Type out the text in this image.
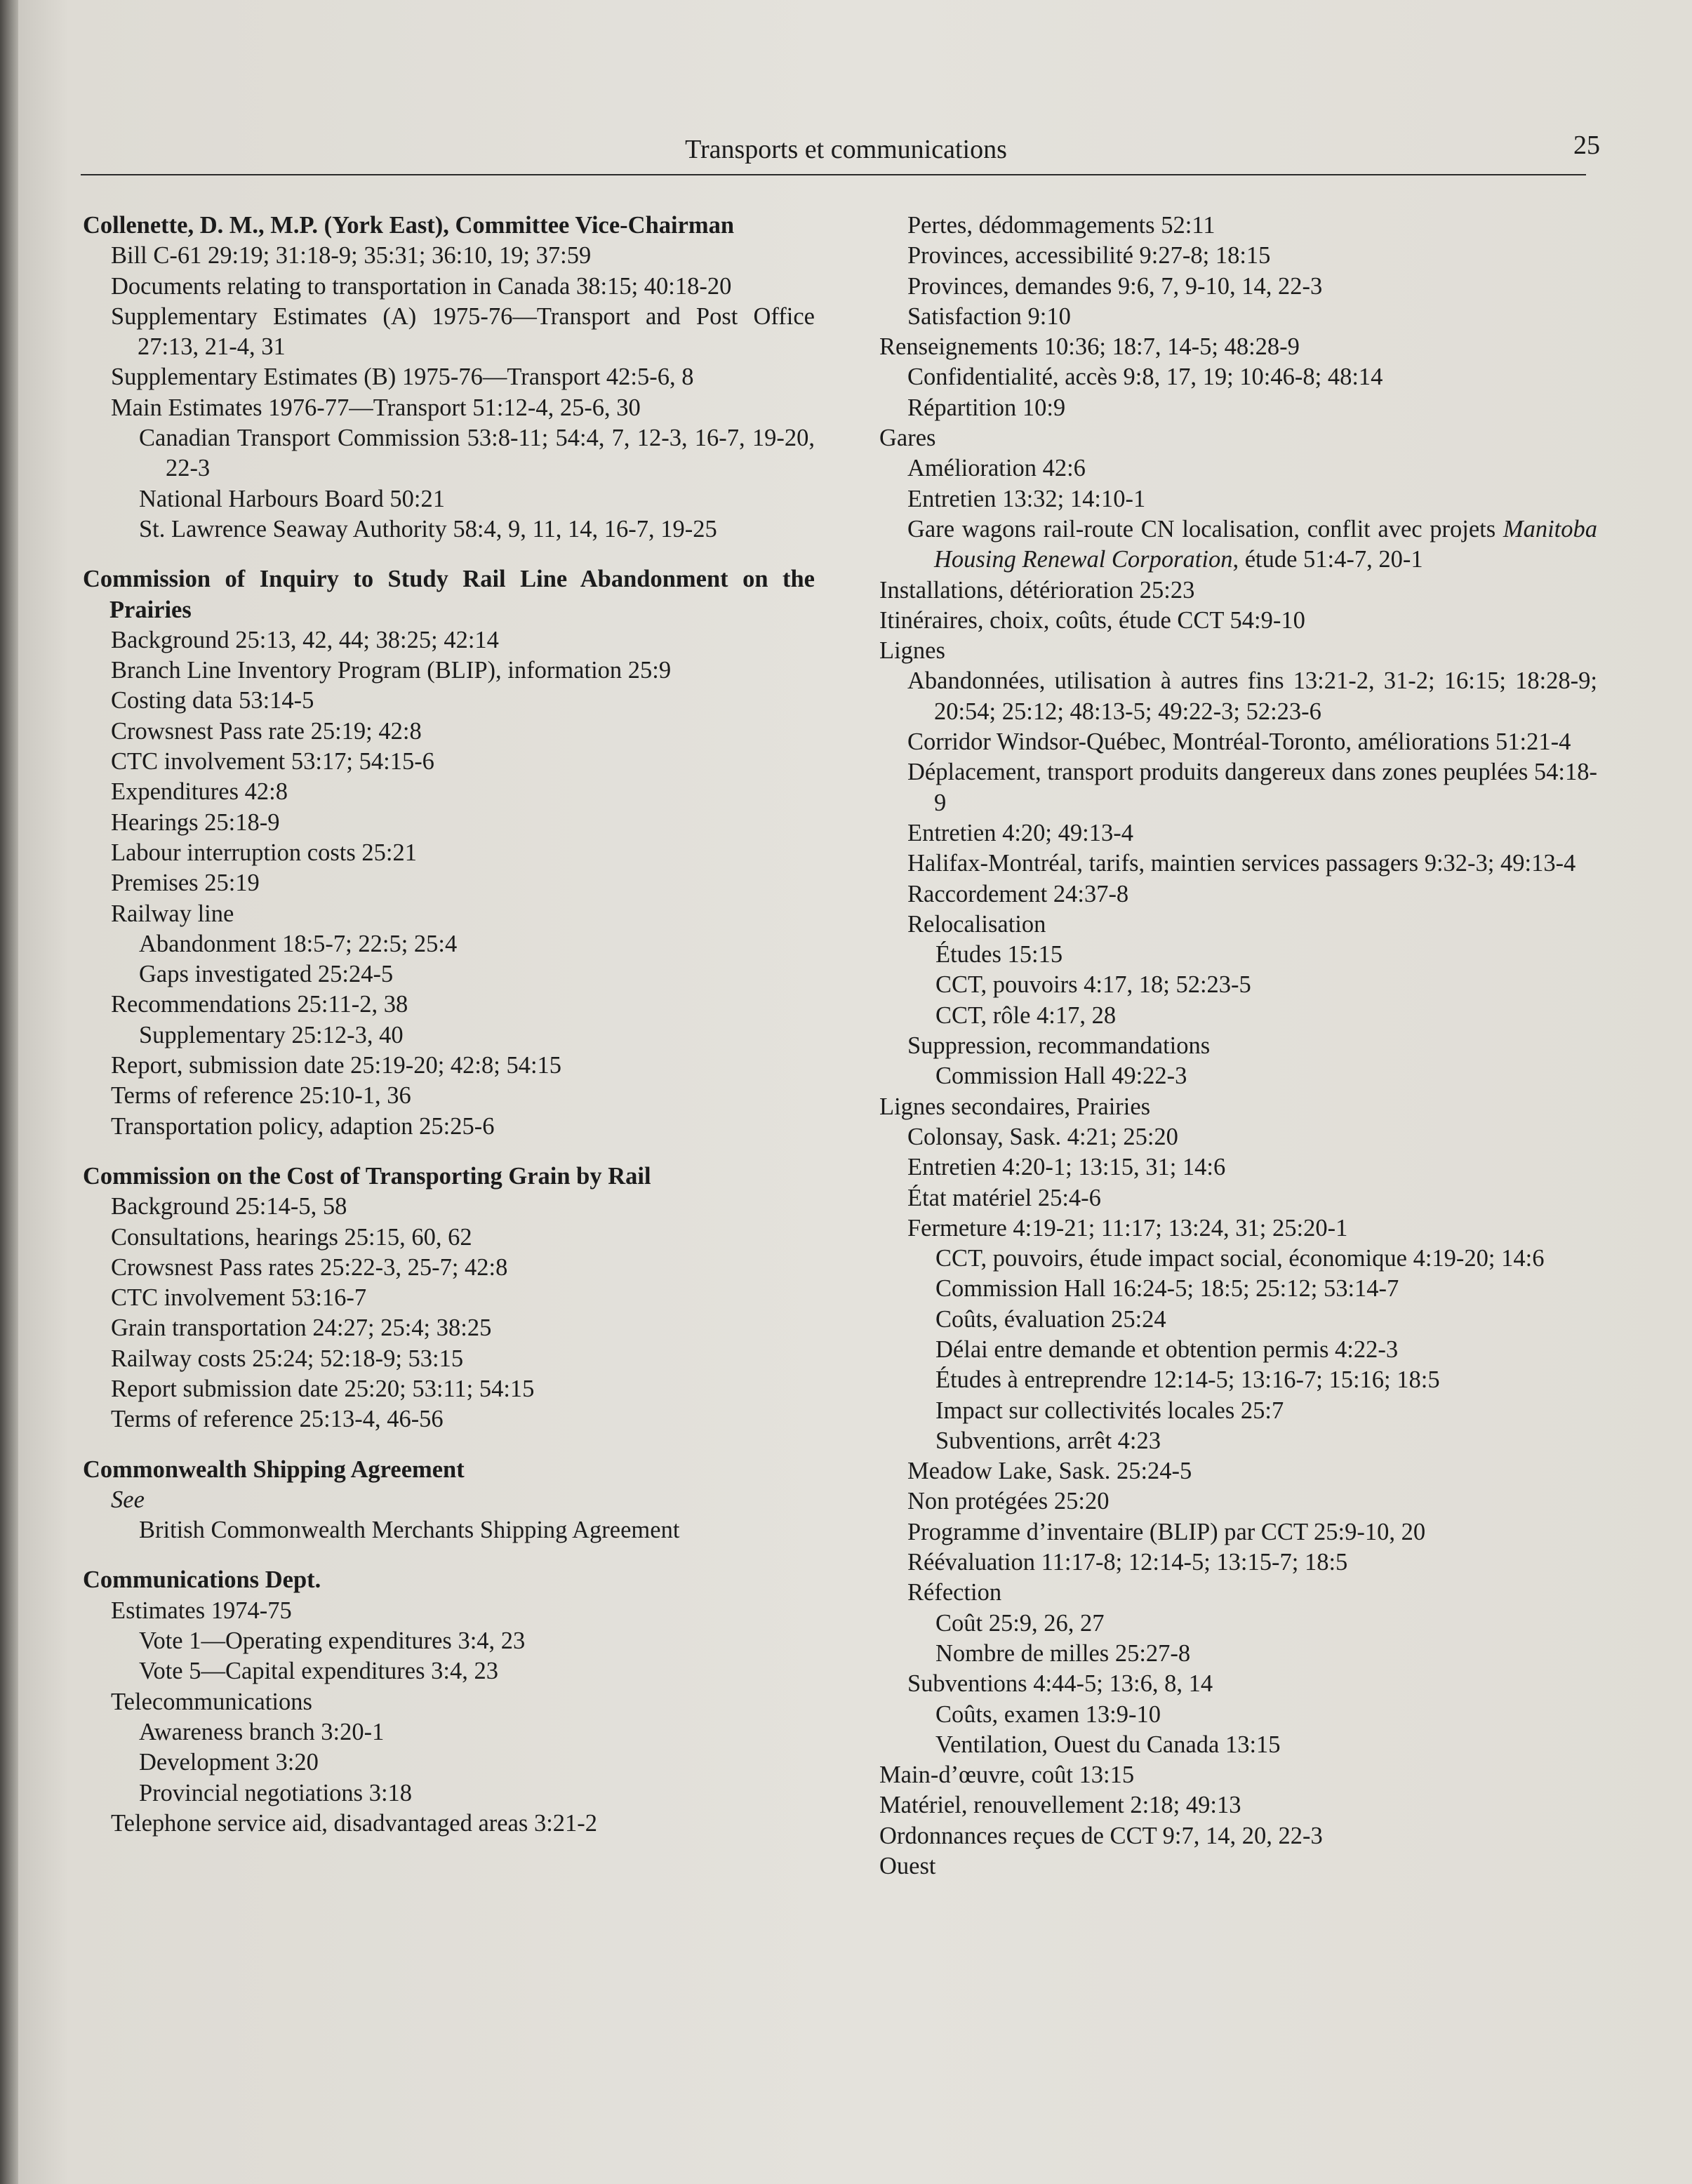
Transports et communications	25
Collenette, D. M., M.P. (York East), Committee Vice-Chairman
Bill C-61 29:19; 31:18-9; 35:31; 36:10, 19; 37:59
Documents relating to transportation in Canada 38:15; 40:18-20
Supplementary Estimates (A) 1975-76—Transport and Post Office 27:13, 21-4, 31
Supplementary Estimates (B) 1975-76—Transport 42:5-6, 8
Main Estimates 1976-77—Transport 51:12-4, 25-6, 30
Canadian Transport Commission 53:8-11; 54:4, 7, 12-3, 16-7, 19-20, 22-3
National Harbours Board 50:21
St. Lawrence Seaway Authority 58:4, 9, 11, 14, 16-7, 19-25
Commission of Inquiry to Study Rail Line Abandonment on the Prairies
Background 25:13, 42, 44; 38:25; 42:14
Branch Line Inventory Program (BLIP), information 25:9
Costing data 53:14-5
Crowsnest Pass rate 25:19; 42:8
CTC involvement 53:17; 54:15-6
Expenditures 42:8
Hearings 25:18-9
Labour interruption costs 25:21
Premises 25:19
Railway line
Abandonment 18:5-7; 22:5; 25:4
Gaps investigated 25:24-5
Recommendations 25:11-2, 38
Supplementary 25:12-3, 40
Report, submission date 25:19-20; 42:8; 54:15
Terms of reference 25:10-1, 36
Transportation policy, adaption 25:25-6
Commission on the Cost of Transporting Grain by Rail
Background 25:14-5, 58
Consultations, hearings 25:15, 60, 62
Crowsnest Pass rates 25:22-3, 25-7; 42:8
CTC involvement 53:16-7
Grain transportation 24:27; 25:4; 38:25
Railway costs 25:24; 52:18-9; 53:15
Report submission date 25:20; 53:11; 54:15
Terms of reference 25:13-4, 46-56
Commonwealth Shipping Agreement
See
British Commonwealth Merchants Shipping Agreement
Communications Dept.
Estimates 1974-75
Vote 1—Operating expenditures 3:4, 23
Vote 5—Capital expenditures 3:4, 23
Telecommunications
Awareness branch 3:20-1
Development 3:20
Provincial negotiations 3:18
Telephone service aid, disadvantaged areas 3:21-2
Pertes, dédommagements 52:11
Provinces, accessibilité 9:27-8; 18:15
Provinces, demandes 9:6, 7, 9-10, 14, 22-3
Satisfaction 9:10
Renseignements 10:36; 18:7, 14-5; 48:28-9
Confidentialité, accès 9:8, 17, 19; 10:46-8; 48:14
Répartition 10:9
Gares
Amélioration 42:6
Entretien 13:32; 14:10-1
Gare wagons rail-route CN localisation, conflit avec projets Manitoba Housing Renewal Corporation, étude 51:4-7, 20-1
Installations, détérioration 25:23
Itinéraires, choix, coûts, étude CCT 54:9-10
Lignes
Abandonnées, utilisation à autres fins 13:21-2, 31-2; 16:15; 18:28-9; 20:54; 25:12; 48:13-5; 49:22-3; 52:23-6
Corridor Windsor-Québec, Montréal-Toronto, améliorations 51:21-4
Déplacement, transport produits dangereux dans zones peuplées 54:18-9
Entretien 4:20; 49:13-4
Halifax-Montréal, tarifs, maintien services passagers 9:32-3; 49:13-4
Raccordement 24:37-8
Relocalisation
Études 15:15
CCT, pouvoirs 4:17, 18; 52:23-5
CCT, rôle 4:17, 28
Suppression, recommandations
Commission Hall 49:22-3
Lignes secondaires, Prairies
Colonsay, Sask. 4:21; 25:20
Entretien 4:20-1; 13:15, 31; 14:6
État matériel 25:4-6
Fermeture 4:19-21; 11:17; 13:24, 31; 25:20-1
CCT, pouvoirs, étude impact social, économique 4:19-20; 14:6
Commission Hall 16:24-5; 18:5; 25:12; 53:14-7
Coûts, évaluation 25:24
Délai entre demande et obtention permis 4:22-3
Études à entreprendre 12:14-5; 13:16-7; 15:16; 18:5
Impact sur collectivités locales 25:7
Subventions, arrêt 4:23
Meadow Lake, Sask. 25:24-5
Non protégées 25:20
Programme d’inventaire (BLIP) par CCT 25:9-10, 20
Réévaluation 11:17-8; 12:14-5; 13:15-7; 18:5
Réfection
Coût 25:9, 26, 27
Nombre de milles 25:27-8
Subventions 4:44-5; 13:6, 8, 14
Coûts, examen 13:9-10
Ventilation, Ouest du Canada 13:15
Main-d’œuvre, coût 13:15
Matériel, renouvellement 2:18; 49:13
Ordonnances reçues de CCT 9:7, 14, 20, 22-3
Ouest
